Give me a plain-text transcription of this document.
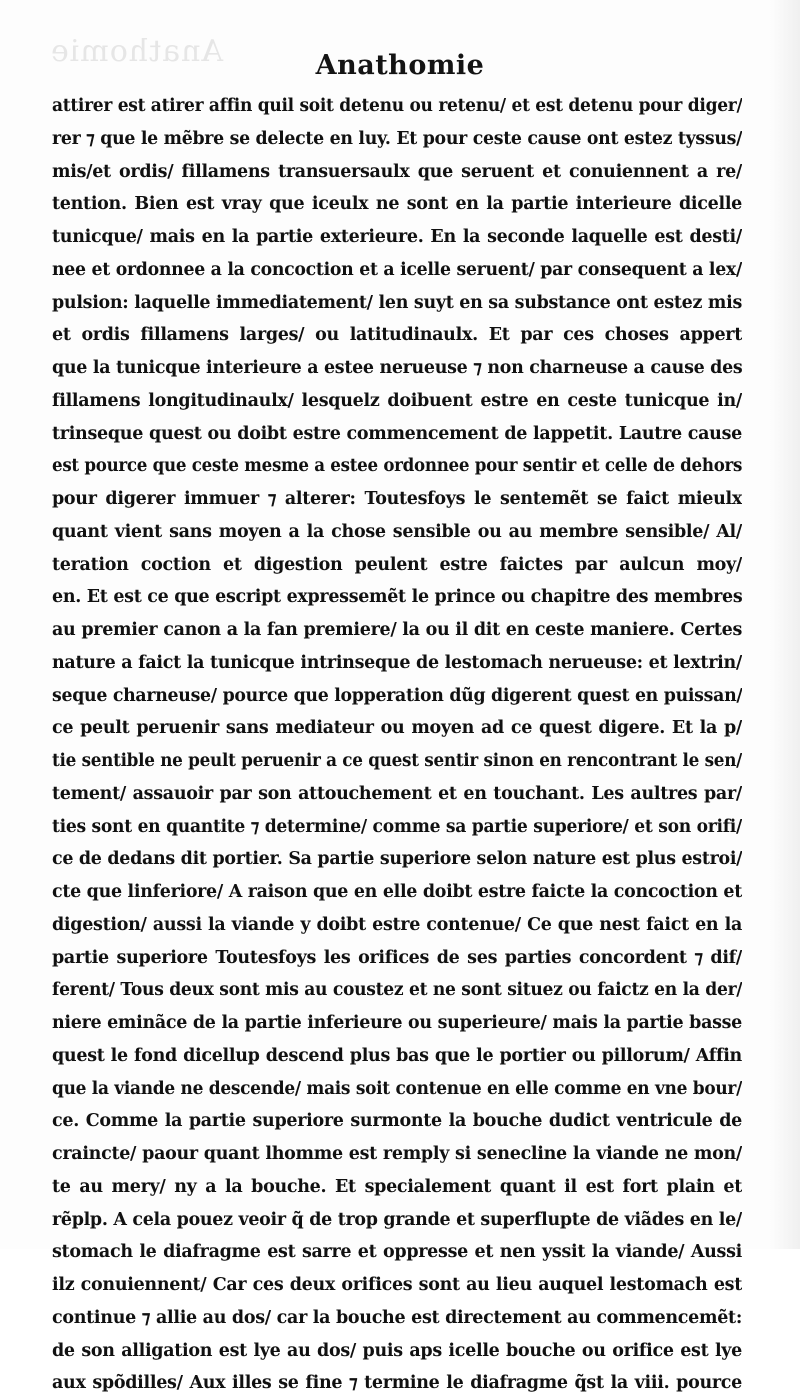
Anathomie	Anathomie
attirer est atirer affin quil soit detenu ou retenu/ et est detenu pour diger/
rer ⁊ que le mẽbre se delecte en luy. Et pour ceste cause ont estez tyssus/
mis/et ordis/ fillamens transuersaulx que seruent et conuiennent a re/
tention. Bien est vray que iceulx ne sont en la partie interieure dicelle
tunicque/ mais en la partie exterieure. En la seconde laquelle est desti/
nee et ordonnee a la concoction et a icelle seruent/ par consequent a lex/
pulsion: laquelle immediatement/ len suyt en sa substance ont estez mis
et ordis fillamens larges/ ou latitudinaulx. Et par ces choses appert
que la tunicque interieure a estee nerueuse ⁊ non charneuse a cause des
fillamens longitudinaulx/ lesquelz doibuent estre en ceste tunicque in/
trinseque quest ou doibt estre commencement de lappetit. Lautre cause
est pource que ceste mesme a estee ordonnee pour sentir et celle de dehors
pour digerer immuer ⁊ alterer: Toutesfoys le sentemẽt se faict mieulx
quant vient sans moyen a la chose sensible ou au membre sensible/ Al/
teration coction et digestion peulent estre faictes par aulcun moy/
en. Et est ce que escript expressemẽt le prince ou chapitre des membres
au premier canon a la fan premiere/ la ou il dit en ceste maniere. Certes
nature a faict la tunicque intrinseque de lestomach nerueuse: et lextrin/
seque charneuse/ pource que lopperation dũg digerent quest en puissan/
ce peult peruenir sans mediateur ou moyen ad ce quest digere. Et la p/
tie sentible ne peult peruenir a ce quest sentir sinon en rencontrant le sen/
tement/ assauoir par son attouchement et en touchant. Les aultres par/
ties sont en quantite ⁊ determine/ comme sa partie superiore/ et son orifi/
ce de dedans dit portier. Sa partie superiore selon nature est plus estroi/
cte que linferiore/ A raison que en elle doibt estre faicte la concoction et
digestion/ aussi la viande y doibt estre contenue/ Ce que nest faict en la
partie superiore Toutesfoys les orifices de ses parties concordent ⁊ dif/
ferent/ Tous deux sont mis au coustez et ne sont situez ou faictz en la der/
niere eminãce de la partie inferieure ou superieure/ mais la partie basse
quest le fond dicellup descend plus bas que le portier ou pillorum/ Affin
que la viande ne descende/ mais soit contenue en elle comme en vne bour/
ce. Comme la partie superiore surmonte la bouche dudict ventricule de
craincte/ paour quant lhomme est remply si senecline la viande ne mon/
te au mery/ ny a la bouche. Et specialement quant il est fort plain et
rẽplp. A cela pouez veoir q̃ de trop grande et superflupte de viãdes en le/
stomach le diafragme est sarre et oppresse et nen yssit la viande/ Aussi
ilz conuiennent/ Car ces deux orifices sont au lieu auquel lestomach est
continue ⁊ allie au dos/ car la bouche est directement au commencemẽt:
de son alligation est lye au dos/ puis aps icelle bouche ou orifice est lye
aux spõdilles/ Aux illes se fine ⁊ termine le diafragme q̃st la viii. pource
